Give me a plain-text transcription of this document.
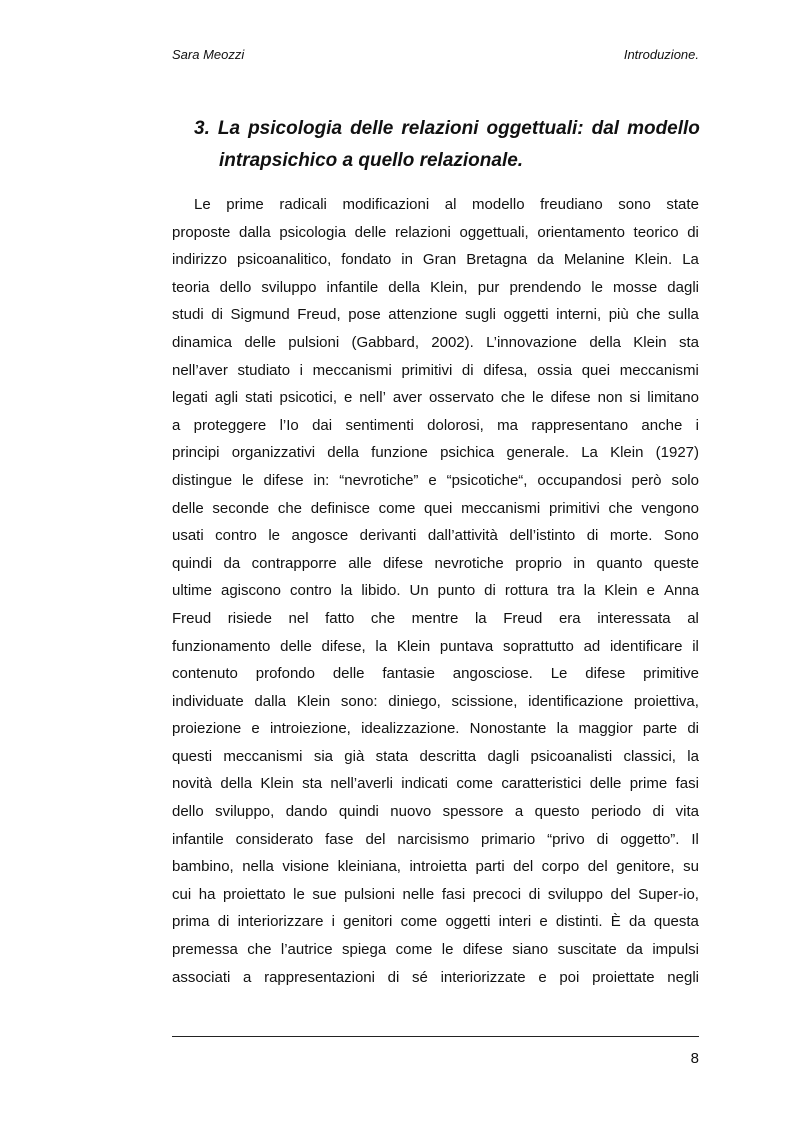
Sara Meozzi	Introduzione.
3. La psicologia delle relazioni oggettuali: dal modello
intrapsichico a quello relazionale.
Le prime radicali modificazioni al modello freudiano sono state
proposte dalla psicologia delle relazioni oggettuali, orientamento teorico di
indirizzo psicoanalitico, fondato in Gran Bretagna da Melanine Klein. La
teoria dello sviluppo infantile della Klein, pur prendendo le mosse dagli
studi di Sigmund Freud, pose attenzione sugli oggetti interni, più che sulla
dinamica delle pulsioni (Gabbard, 2002). L’innovazione della Klein sta
nell’aver studiato i meccanismi primitivi di difesa, ossia quei meccanismi
legati agli stati psicotici, e nell’ aver osservato che le difese non si limitano
a proteggere l’Io dai sentimenti dolorosi, ma rappresentano anche i
principi organizzativi della funzione psichica generale. La Klein (1927)
distingue le difese in: “nevrotiche” e “psicotiche“, occupandosi però solo
delle seconde che definisce come quei meccanismi primitivi che vengono
usati contro le angosce derivanti dall’attività dell’istinto di morte. Sono
quindi da contrapporre alle difese nevrotiche proprio in quanto queste
ultime agiscono contro la libido. Un punto di rottura tra la Klein e Anna
Freud risiede nel fatto che mentre la Freud era interessata al
funzionamento delle difese, la Klein puntava soprattutto ad identificare il
contenuto profondo delle fantasie angosciose. Le difese primitive
individuate dalla Klein sono: diniego, scissione, identificazione proiettiva,
proiezione e introiezione, idealizzazione. Nonostante la maggior parte di
questi meccanismi sia già stata descritta dagli psicoanalisti classici, la
novità della Klein sta nell’averli indicati come caratteristici delle prime fasi
dello sviluppo, dando quindi nuovo spessore a questo periodo di vita
infantile considerato fase del narcisismo primario “privo di oggetto”. Il
bambino, nella visione kleiniana, introietta parti del corpo del genitore, su
cui ha proiettato le sue pulsioni nelle fasi precoci di sviluppo del Super-io,
prima di interiorizzare i genitori come oggetti interi e distinti. È da questa
premessa che l’autrice spiega come le difese siano suscitate da impulsi
associati a rappresentazioni di sé interiorizzate e poi proiettate negli
8
